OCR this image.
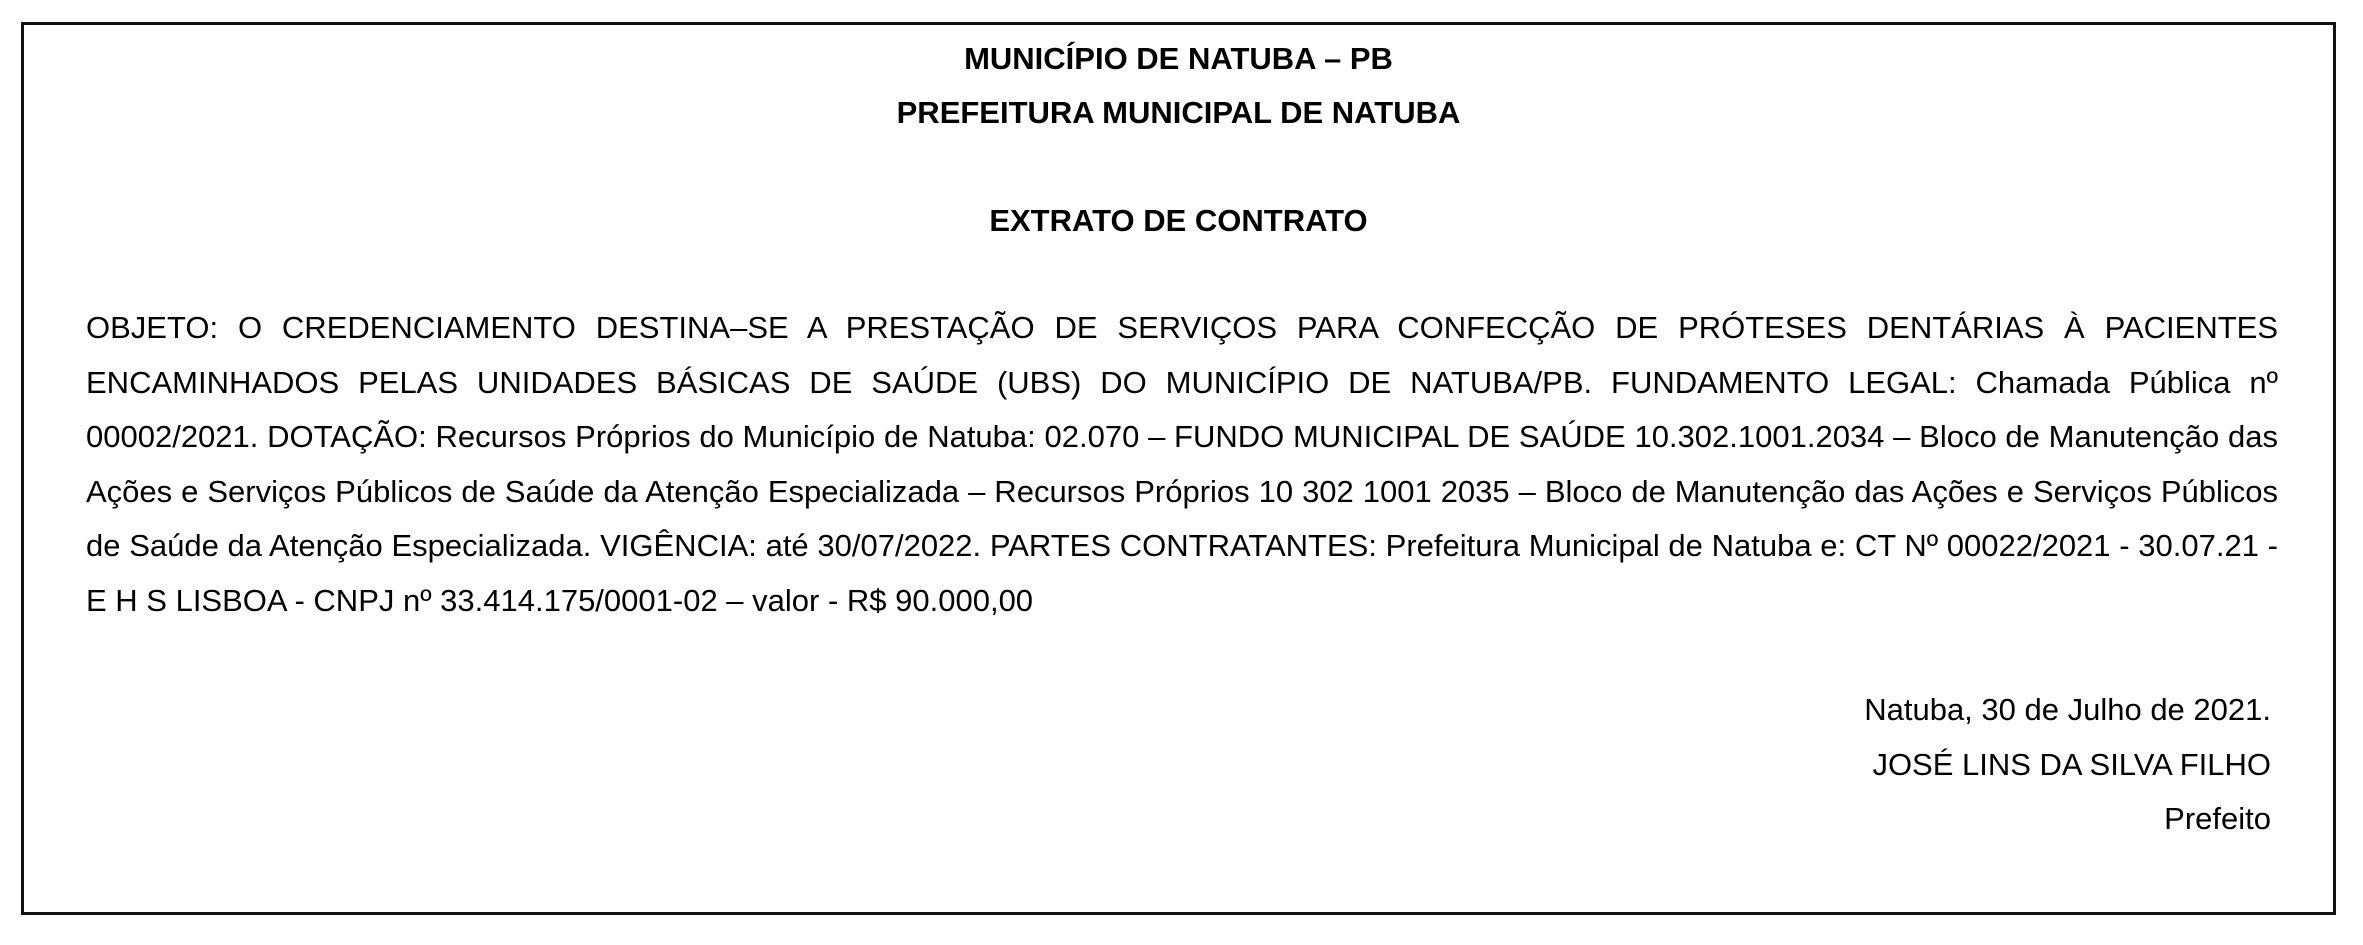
MUNICÍPIO DE NATUBA – PB
PREFEITURA MUNICIPAL DE NATUBA
EXTRATO DE CONTRATO

OBJETO: O CREDENCIAMENTO DESTINA–SE A PRESTAÇÃO DE SERVIÇOS PARA CONFECÇÃO DE PRÓTESES DENTÁRIAS À PACIENTES ENCAMINHADOS PELAS UNIDADES BÁSICAS DE SAÚDE (UBS) DO MUNICÍPIO DE NATUBA/PB. FUNDAMENTO LEGAL: Chamada Pública nº 00002/2021. DOTAÇÃO: Recursos Próprios do Município de Natuba: 02.070 – FUNDO MUNICIPAL DE SAÚDE 10.302.1001.2034 – Bloco de Manutenção das Ações e Serviços Públicos de Saúde da Atenção Especializada – Recursos Próprios 10 302 1001 2035 – Bloco de Manutenção das Ações e Serviços Públicos de Saúde da Atenção Especializada. VIGÊNCIA: até 30/07/2022. PARTES CONTRATANTES: Prefeitura Municipal de Natuba e: CT Nº 00022/2021 - 30.07.21 - E H S LISBOA - CNPJ nº 33.414.175/0001-02 – valor - R$ 90.000,00

Natuba, 30 de Julho de 2021.
JOSÉ LINS DA SILVA FILHO
Prefeito
